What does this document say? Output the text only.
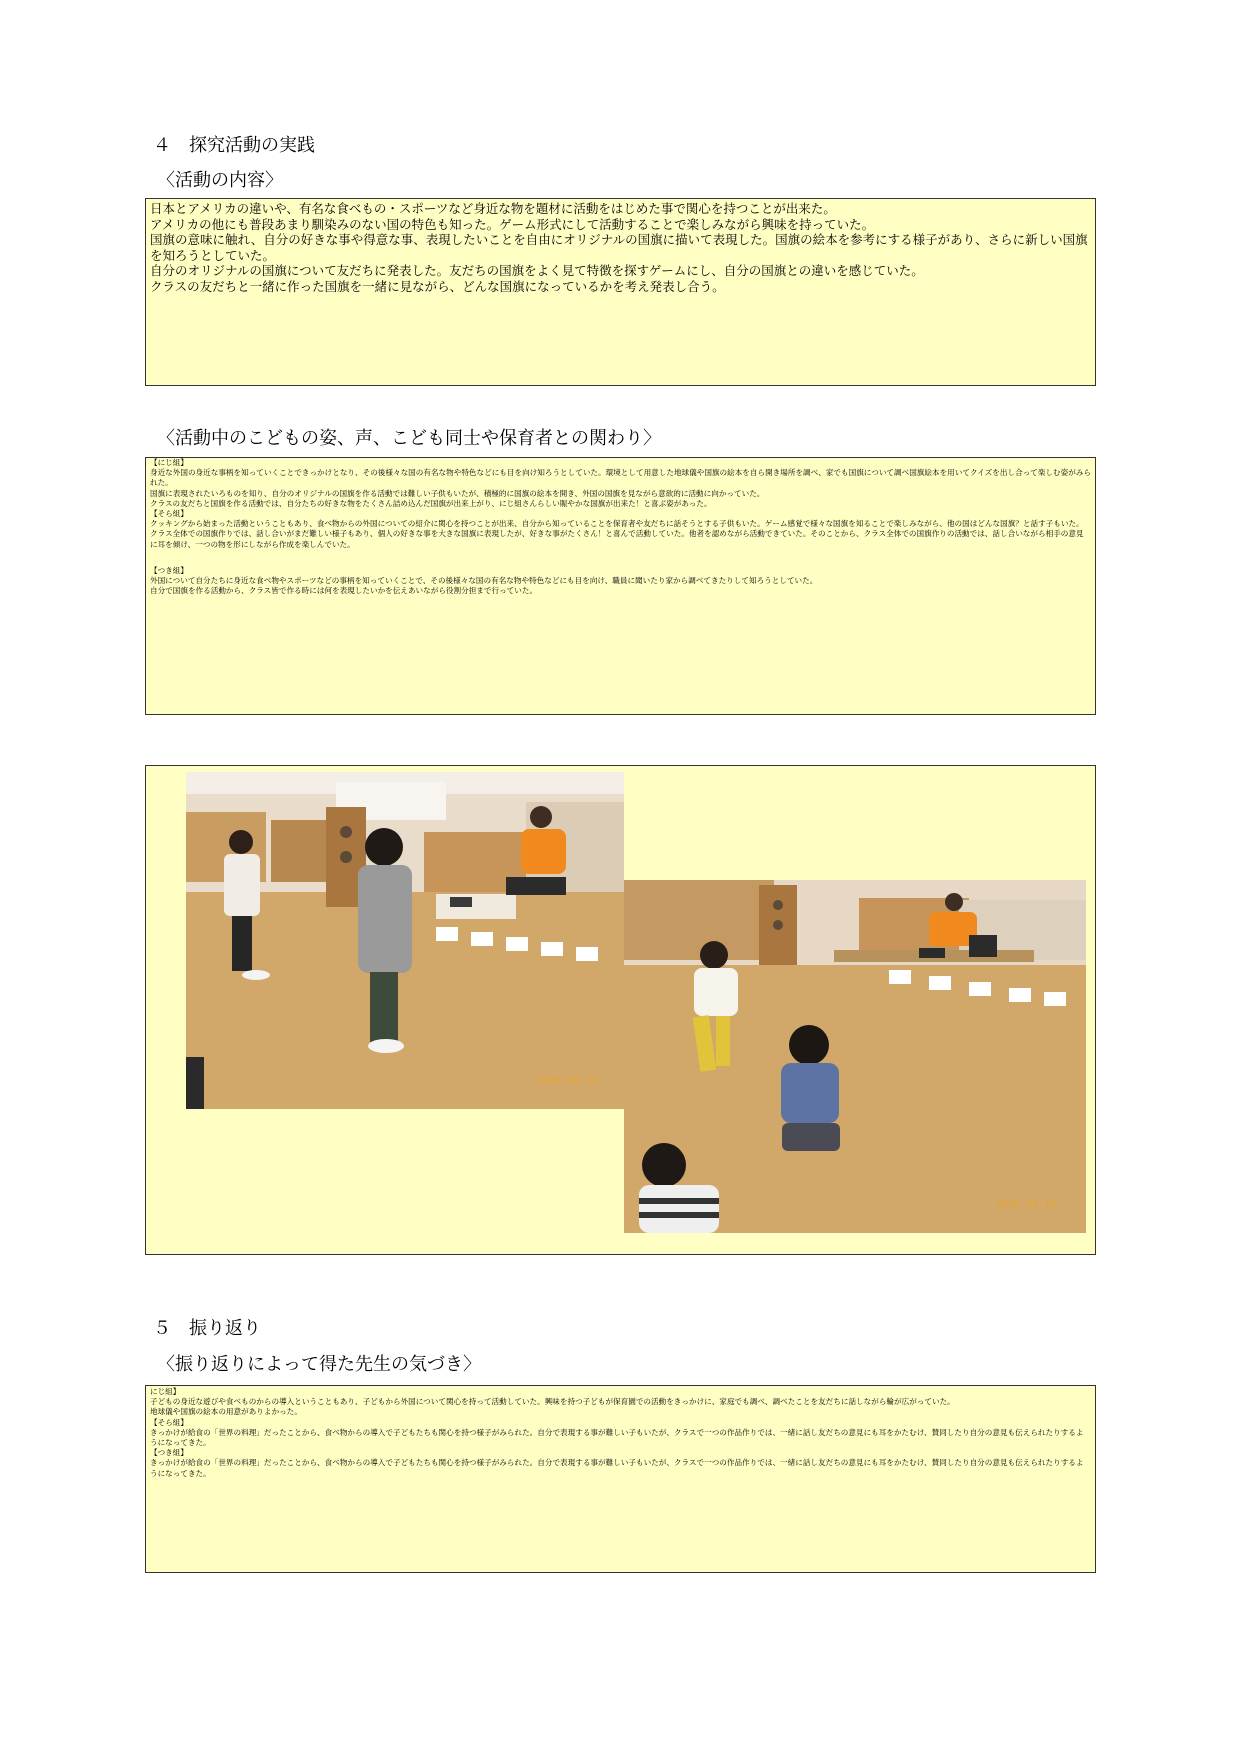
４　探究活動の実践
〈活動の内容〉

日本とアメリカの違いや、有名な食べもの・スポーツなど身近な物を題材に活動をはじめた事で関心を持つことが出来た。

アメリカの他にも普段あまり馴染みのない国の特色も知った。ゲーム形式にして活動することで楽しみながら興味を持っていた。

国旗の意味に触れ、自分の好きな事や得意な事、表現したいことを自由にオリジナルの国旗に描いて表現した。国旗の絵本を参考にする様子があり、さらに新しい国旗を知ろうとしていた。

自分のオリジナルの国旗について友だちに発表した。友だちの国旗をよく見て特徴を探すゲームにし、自分の国旗との違いを感じていた。

クラスの友だちと一緒に作った国旗を一緒に見ながら、どんな国旗になっているかを考え発表し合う。

〈活動中のこどもの姿、声、こども同士や保育者との関わり〉

【にじ組】

身近な外国の身近な事柄を知っていくことできっかけとなり、その後様々な国の有名な物や特色などにも目を向け知ろうとしていた。環境として用意した地球儀や国旗の絵本を自ら開き場所を調べ、家でも国旗について調べ国旗絵本を用いてクイズを出し合って楽しむ姿がみられた。

国旗に表現されたいろものを知り、自分のオリジナルの国旗を作る活動では難しい子供もいたが、積極的に国旗の絵本を開き、外国の国旗を見ながら意欲的に活動に向かっていた。

クラスの友だちと国旗を作る活動では、自分たちの好きな物をたくさん詰め込んだ国旗が出来上がり、にじ組さんらしい賑やかな国旗が出来た！と喜ぶ姿があった。

【そら組】

クッキングから始まった活動ということもあり、食べ物からの外国についての紹介に関心を持つことが出来、自分から知っていることを保育者や友だちに話そうとする子供もいた。ゲーム感覚で様々な国旗を知ることで楽しみながら、他の国はどんな国旗？と話す子もいた。

クラス全体での国旗作りでは、話し合いがまだ難しい様子もあり、個人の好きな事を大きな国旗に表現したが、好きな事がたくさん！と喜んで活動していた。他者を認めながら活動できていた。そのことから、クラス全体での国旗作りの活動では、話し合いながら相手の意見に耳を傾け、一つの物を形にしながら作成を楽しんでいた。

【つき組】

外国について自分たちに身近な食べ物やスポーツなどの事柄を知っていくことで、その後様々な国の有名な物や特色などにも目を向け、職員に聞いたり家から調べてきたりして知ろうとしていた。

自分で国旗を作る活動から、クラス皆で作る時には何を表現したいかを伝えあいながら役割分担まで行っていた。

2025.02.17
2025.02.17
５　振り返り
〈振り返りによって得た先生の気づき〉

にじ組】

子どもの身近な遊びや食べものからの導入ということもあり、子どもから外国について関心を持って活動していた。興味を持つ子どもが保育園での活動をきっかけに、家庭でも調べ、調べたことを友だちに話しながら輪が広がっていた。

地球儀や国旗の絵本の用意がありよかった。

【そら組】

きっかけが給食の「世界の料理」だったことから、食べ物からの導入で子どもたちも関心を持つ様子がみられた。自分で表現する事が難しい子もいたが、クラスで一つの作品作りでは、一緒に話し友だちの意見にも耳をかたむけ、賛同したり自分の意見も伝えられたりするようになってきた。

【つき組】

きっかけが給食の「世界の料理」だったことから、食べ物からの導入で子どもたちも関心を持つ様子がみられた。自分で表現する事が難しい子もいたが、クラスで一つの作品作りでは、一緒に話し友だちの意見にも耳をかたむけ、賛同したり自分の意見も伝えられたりするようになってきた。
